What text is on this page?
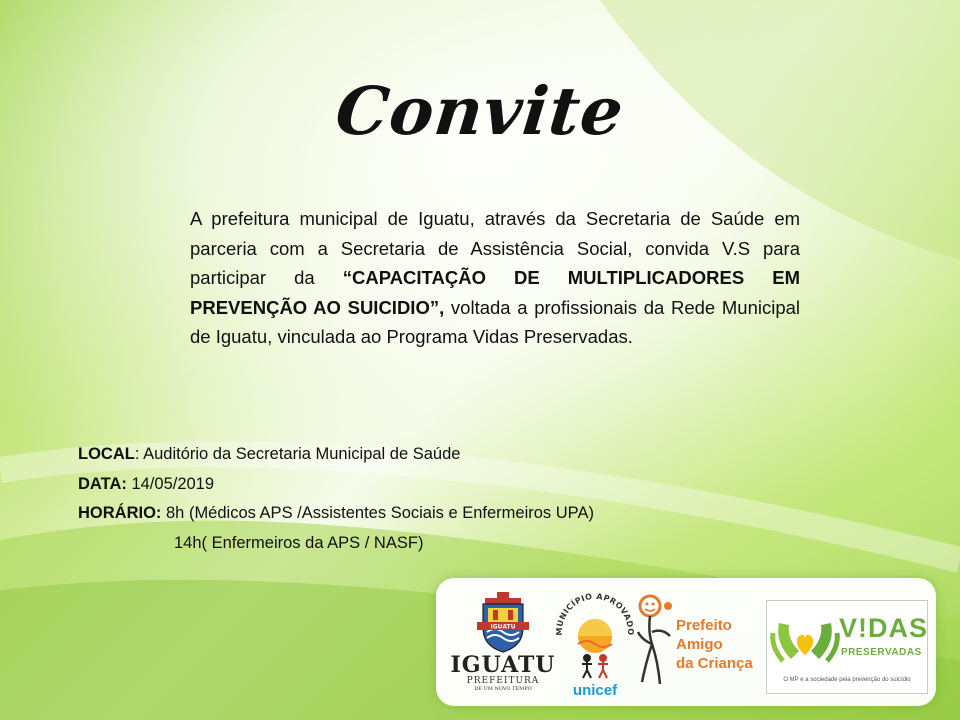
Convite
A prefeitura municipal de Iguatu, através da Secretaria de Saúde em parceria com a Secretaria de Assistência Social, convida V.S para participar da “CAPACITAÇÃO DE MULTIPLICADORES EM PREVENÇÃO AO SUICIDIO”, voltada a profissionais da Rede Municipal de Iguatu, vinculada ao Programa Vidas Preservadas.
LOCAL: Auditório da Secretaria Municipal de Saúde
DATA: 14/05/2019
HORÁRIO: 8h (Médicos APS /Assistentes Sociais e Enfermeiros UPA)
14h( Enfermeiros da APS / NASF)
IGUATU
IGUATU
PREFEITURA
DE UM NOVO TEMPO
MUNICÍPIO APROVADO
unicef
Prefeito
Amigo
da Criança
V!DAS
PRESERVADAS
O MP e a sociedade pela prevenção do suicídio
